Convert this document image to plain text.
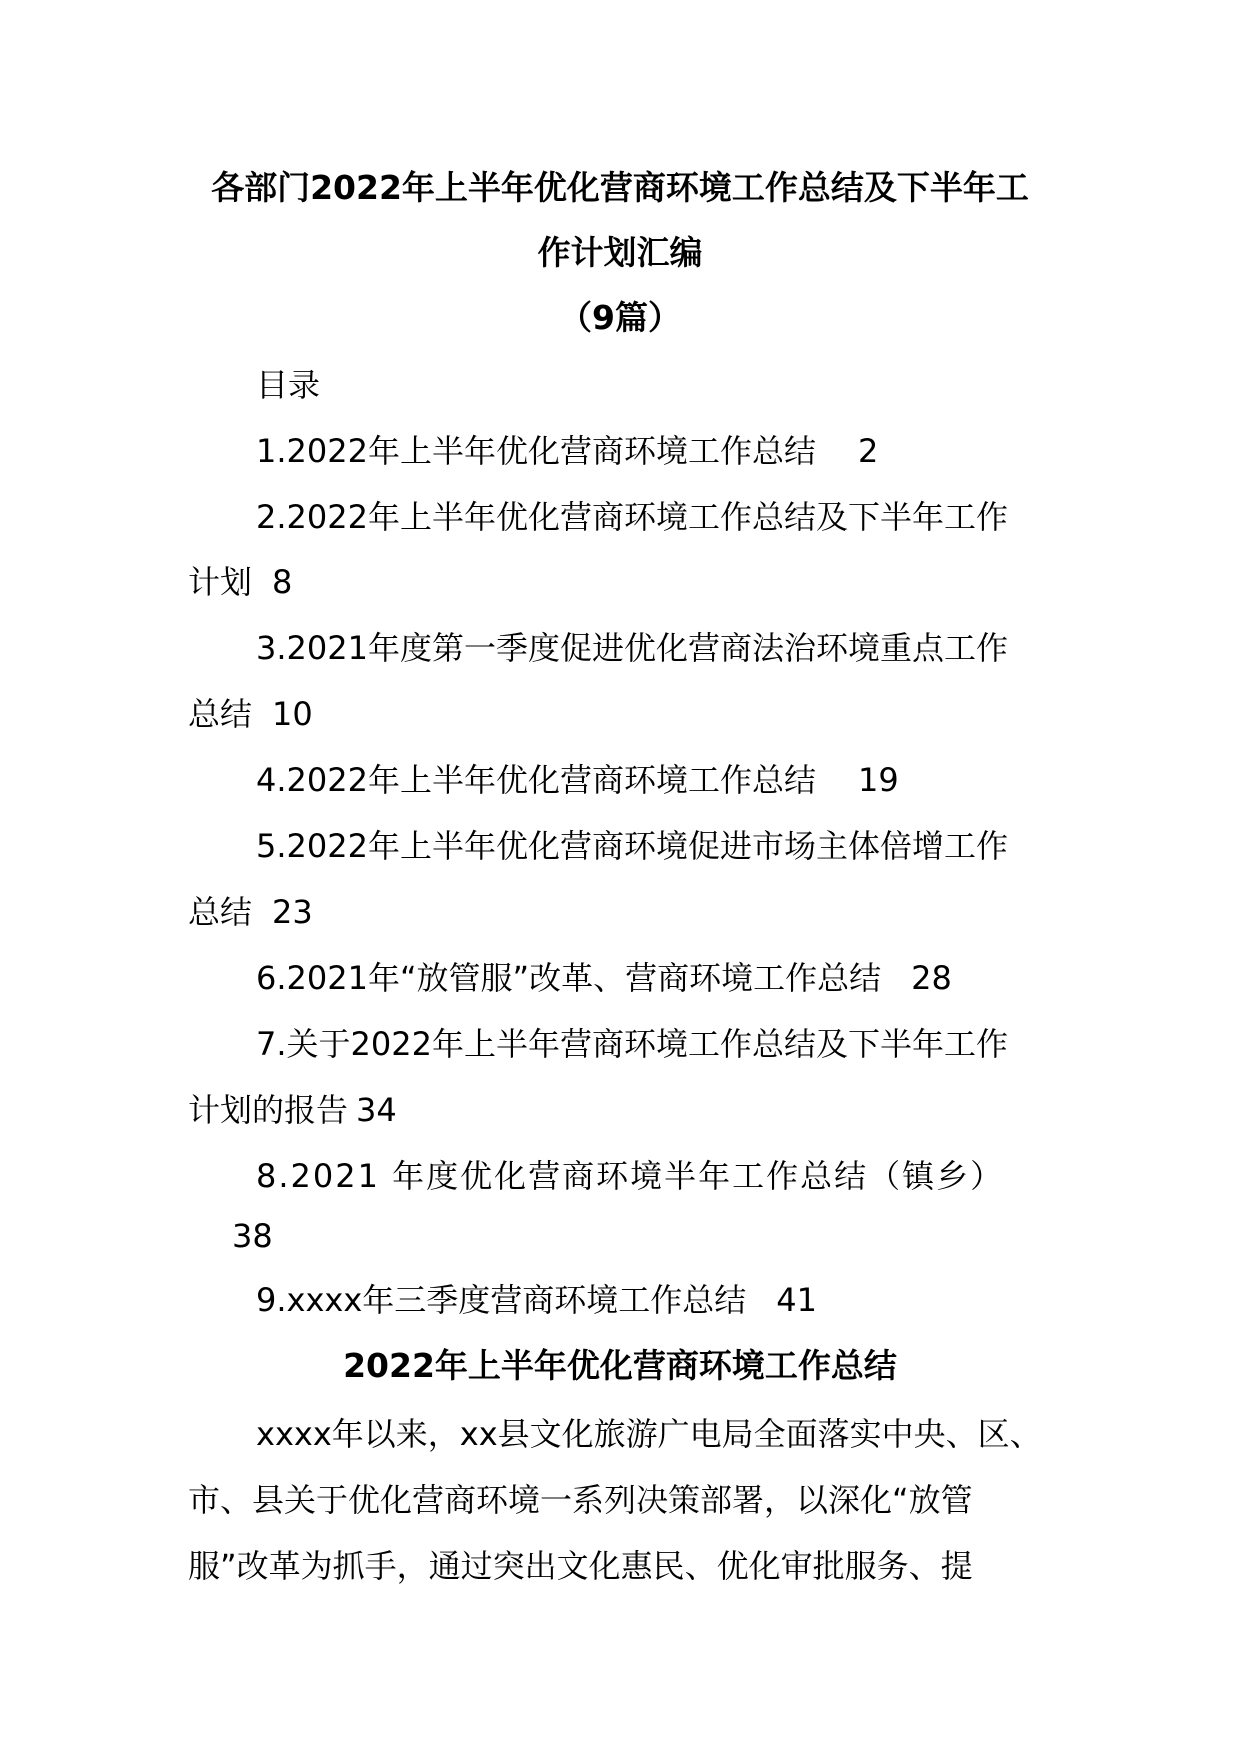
各部门2022年上半年优化营商环境工作总结及下半年工
作计划汇编
（9篇）
目录
1.2022年上半年优化营商环境工作总结 2
2.2022年上半年优化营商环境工作总结及下半年工作
计划 8
3.2021年度第一季度促进优化营商法治环境重点工作
总结 10
4.2022年上半年优化营商环境工作总结 19
5.2022年上半年优化营商环境促进市场主体倍增工作
总结 23
6.2021年“放管服”改革、营商环境工作总结 28
7.关于2022年上半年营商环境工作总结及下半年工作
计划的报告 34
8.2021 年度优化营商环境半年工作总结（镇乡）
38
9.xxxx年三季度营商环境工作总结 41
2022年上半年优化营商环境工作总结
xxxx年以来，xx县文化旅游广电局全面落实中央、区、
市、县关于优化营商环境一系列决策部署，以深化“放管
服”改革为抓手，通过突出文化惠民、优化审批服务、提
